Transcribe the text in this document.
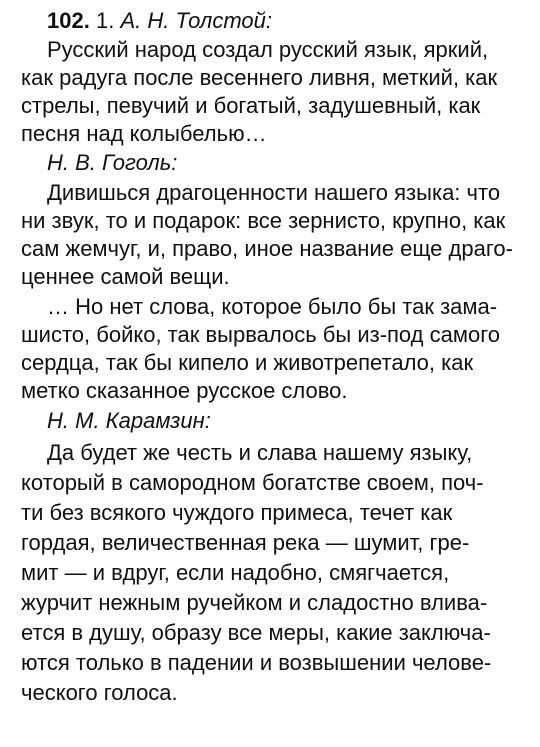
102. 1. А. Н. Толстой:
Русский народ создал русский язык, яркий,
как радуга после весеннего ливня, меткий, как
стрелы, певучий и богатый, задушевный, как
песня над колыбелью…
Н. В. Гоголь:
Дивишься драгоценности нашего языка: что
ни звук, то и подарок: все зернисто, крупно, как
сам жемчуг, и, право, иное название еще драго-
ценнее самой вещи.
… Но нет слова, которое было бы так зама-
шисто, бойко, так вырвалось бы из-под самого
сердца, так бы кипело и животрепетало, как
метко сказанное русское слово.
Н. М. Карамзин:
Да будет же честь и слава нашему языку,
который в самородном богатстве своем, поч-
ти без всякого чуждого примеса, течет как
гордая, величественная река — шумит, гре-
мит — и вдруг, если надобно, смягчается,
журчит нежным ручейком и сладостно влива-
ется в душу, образу все меры, какие заключа-
ются только в падении и возвышении челове-
ческого голоса.
